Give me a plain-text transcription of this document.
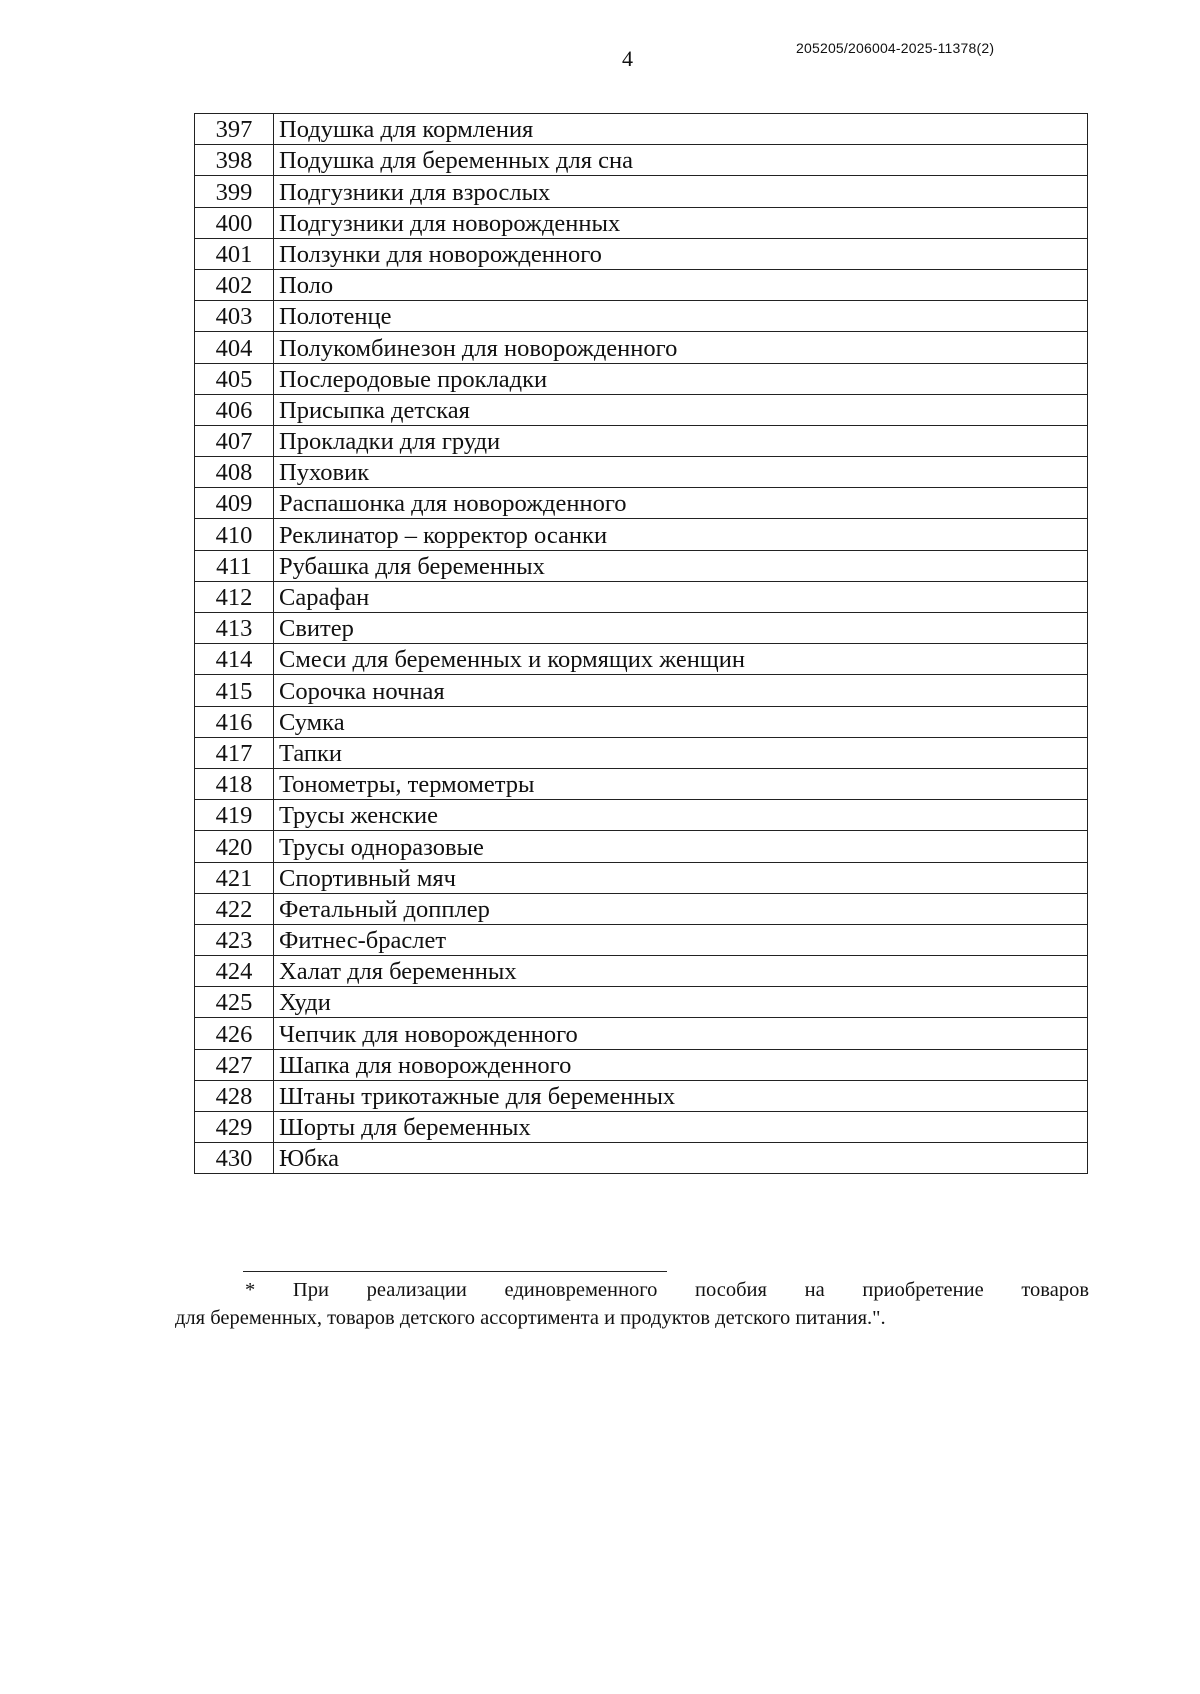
4	205205/206004-2025-11378(2)
397	Подушка для кормления
398	Подушка для беременных для сна
399	Подгузники для взрослых
400	Подгузники для новорожденных
401	Ползунки для новорожденного
402	Поло
403	Полотенце
404	Полукомбинезон для новорожденного
405	Послеродовые прокладки
406	Присыпка детская
407	Прокладки для груди
408	Пуховик
409	Распашонка для новорожденного
410	Реклинатор – корректор осанки
411	Рубашка для беременных
412	Сарафан
413	Свитер
414	Смеси для беременных и кормящих женщин
415	Сорочка ночная
416	Сумка
417	Тапки
418	Тонометры, термометры
419	Трусы женские
420	Трусы одноразовые
421	Спортивный мяч
422	Фетальный допплер
423	Фитнес-браслет
424	Халат для беременных
425	Худи
426	Чепчик для новорожденного
427	Шапка для новорожденного
428	Штаны трикотажные для беременных
429	Шорты для беременных
430	Юбка
* При реализации единовременного пособия на приобретение товаров
для беременных, товаров детского ассортимента и продуктов детского питания.".
